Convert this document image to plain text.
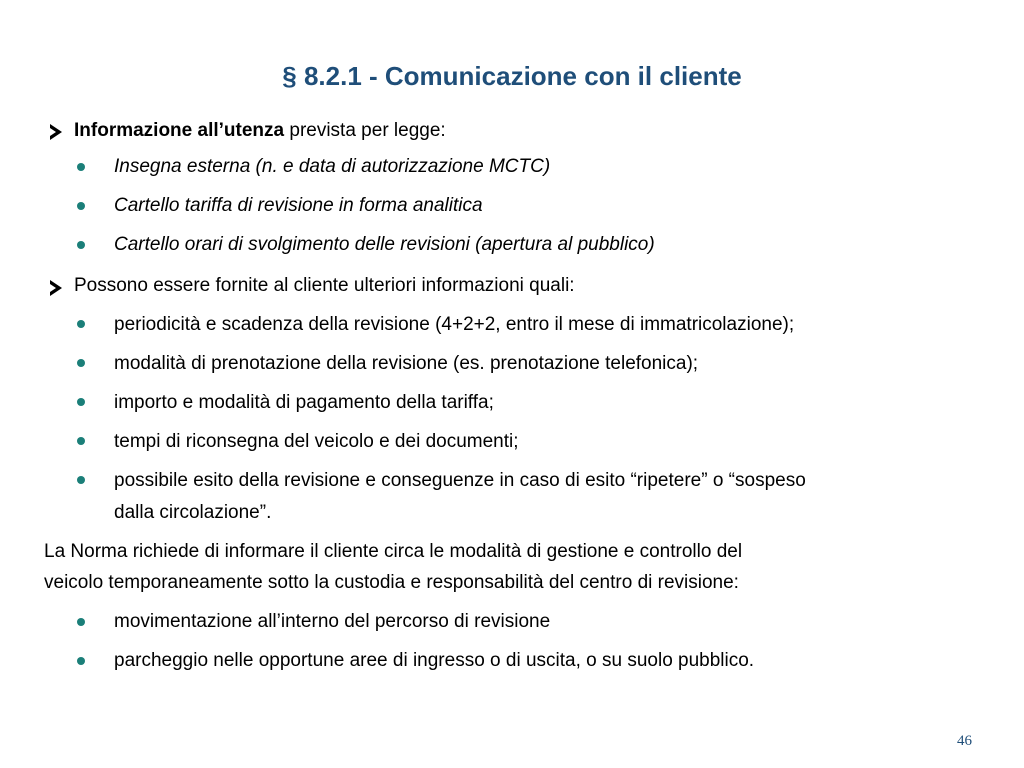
§ 8.2.1 - Comunicazione con il cliente
Informazione all’utenza prevista per legge:
Insegna esterna (n. e data di autorizzazione MCTC)
Cartello tariffa di revisione in forma analitica
Cartello orari di svolgimento delle revisioni (apertura al pubblico)
Possono essere fornite al cliente ulteriori informazioni quali:
periodicità e scadenza della revisione (4+2+2, entro il mese di immatricolazione);
modalità di prenotazione della revisione (es. prenotazione telefonica);
importo e modalità di pagamento della tariffa;
tempi di riconsegna del veicolo e dei documenti;
possibile esito della revisione e conseguenze in caso di esito “ripetere” o “sospeso
dalla circolazione”.
La Norma richiede di informare il cliente circa le modalità di gestione e controllo del
veicolo temporaneamente sotto la custodia e responsabilità del centro di revisione:
movimentazione all’interno del percorso di revisione
parcheggio nelle opportune aree di ingresso o di uscita, o su suolo pubblico.
46
